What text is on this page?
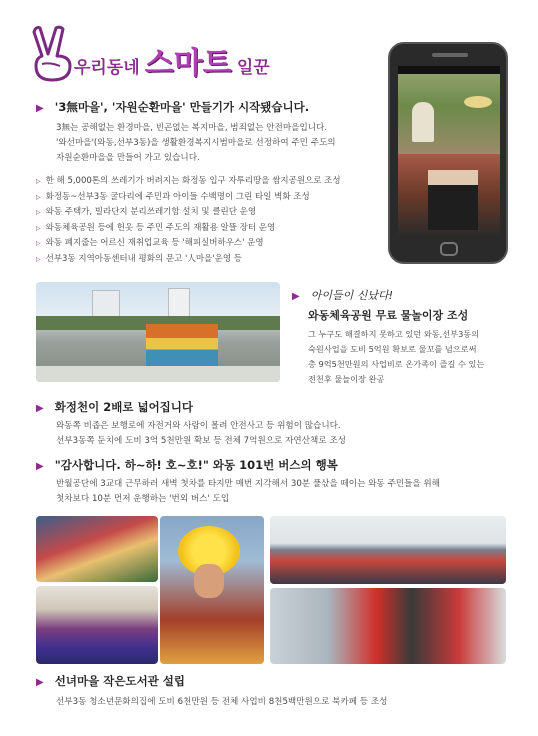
우리동네 스마트 일꾼
▶ '3無마을', '자원순환마을' 만들기가 시작됐습니다.
3無는 공해없는 환경마을, 빈곤없는 복지마을, 범죄없는 안전마을입니다.
'와선마을'(와동,선부3동)을 생활환경복지시범마을로 선정하여 주민 주도의
자원순환마을을 만들어 가고 있습니다.
▷ 한 해 5,000톤의 쓰레기가 버려지는 화정동 입구 자투리땅을 쌈지공원으로 조성
▷ 화정동~선부3동 굴다리에 주민과 아이들 수백명이 그린 타일 벽화 조성
▷ 와동 주택가, 빌라단지 분리쓰레기함 설치 및 클린단 운영
▷ 와동체육공원 등에 헌옷 등 주민 주도의 재활용 알뜰 장터 운영
▷ 와동 폐지줍는 어르신 재취업교육 등 '해피실버하우스' 운영
▷ 선부3동 지역아동센터내 평화의 문고 '人마을'운영 등
▶ 아이들이 신났다!
와동체육공원 무료 물놀이장 조성
그 누구도 해결하지 못하고 있던 와동,선부3동의
숙원사업을 도비 5억원 확보로 물꼬를 넘으로써
총 9억5천만원의 사업비로 온가족이 즐길 수 있는
전천후 물놀이장 완공
▶ 화정천이 2배로 넓어집니다
와동쪽 비좁은 보행로에 자전거와 사람이 몰려 안전사고 등 위험이 많습니다.
선부3동쪽 둔치에 도비 3억 5천만원 확보 등 전체 7억원으로 자연산책로 조성
▶ "감사합니다. 하~하! 호~호!" 와동 101번 버스의 행복
반월공단에 3교대 근무하러 새벽 첫차를 타지만 매번 지각해서 30분 풀삯을 떼이는 와동 주민들을 위해
첫차보다 10분 먼저 운행하는 '번외 버스' 도입
▶ 선녀마을 작은도서관 설립
선부3동 청소년문화의집에 도비 6천만원 등 전체 사업비 8천5백만원으로 북카페 등 조성
